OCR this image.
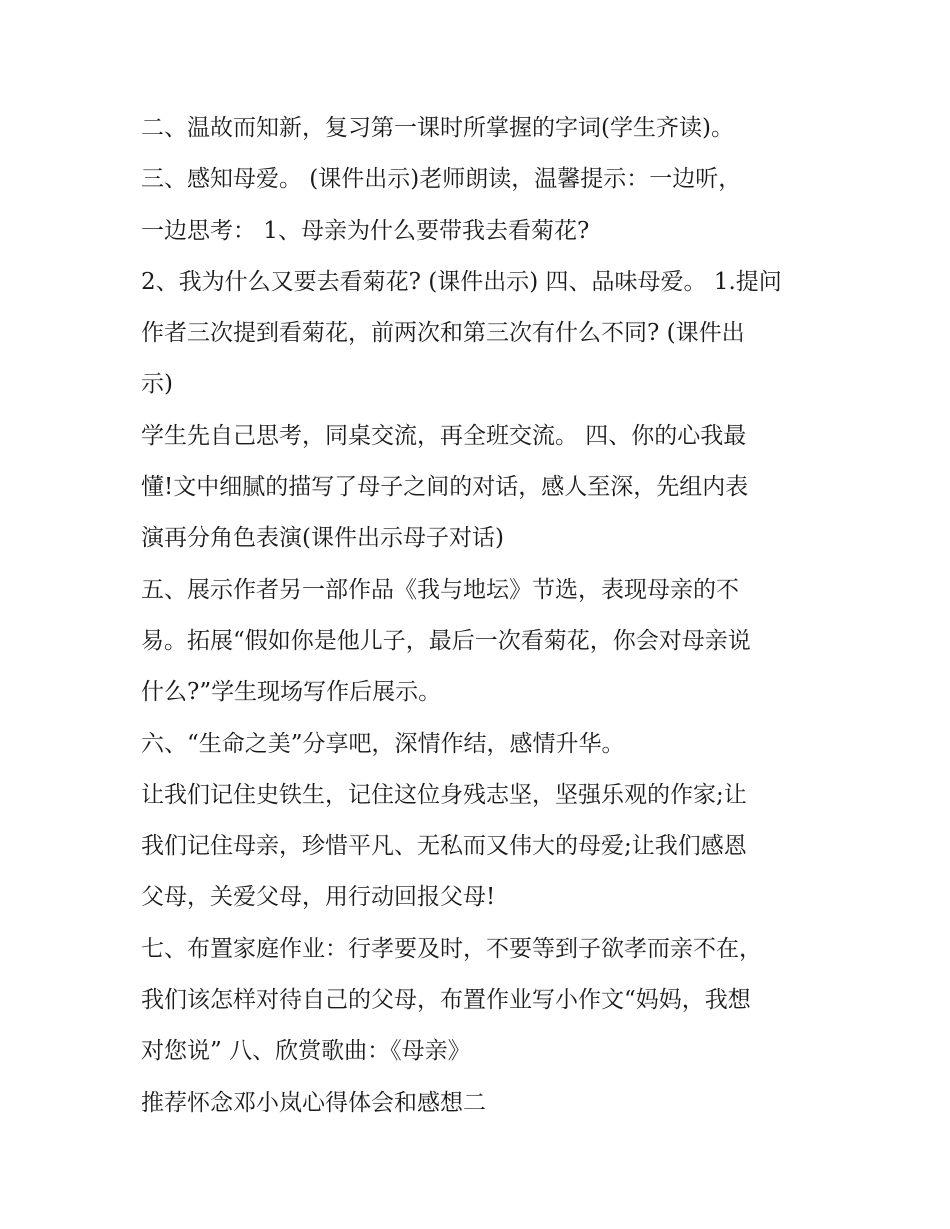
二、温故而知新，复习第一课时所掌握的字词(学生齐读)。
三、感知母爱。 (课件出示)老师朗读，温馨提示：一边听，
一边思考： 1、母亲为什么要带我去看菊花?
2、我为什么又要去看菊花? (课件出示) 四、品味母爱。 1.提问
作者三次提到看菊花，前两次和第三次有什么不同? (课件出
示)
学生先自己思考，同桌交流，再全班交流。 四、你的心我最
懂!文中细腻的描写了母子之间的对话，感人至深，先组内表
演再分角色表演(课件出示母子对话)
五、展示作者另一部作品《我与地坛》节选，表现母亲的不
易。拓展“假如你是他儿子，最后一次看菊花，你会对母亲说
什么?”学生现场写作后展示。
六、“生命之美”分享吧，深情作结，感情升华。
让我们记住史铁生，记住这位身残志坚，坚强乐观的作家;让
我们记住母亲，珍惜平凡、无私而又伟大的母爱;让我们感恩
父母，关爱父母，用行动回报父母!
七、布置家庭作业：行孝要及时，不要等到子欲孝而亲不在，
我们该怎样对待自己的父母，布置作业写小作文“妈妈，我想
对您说” 八、欣赏歌曲：《母亲》
推荐怀念邓小岚心得体会和感想二
